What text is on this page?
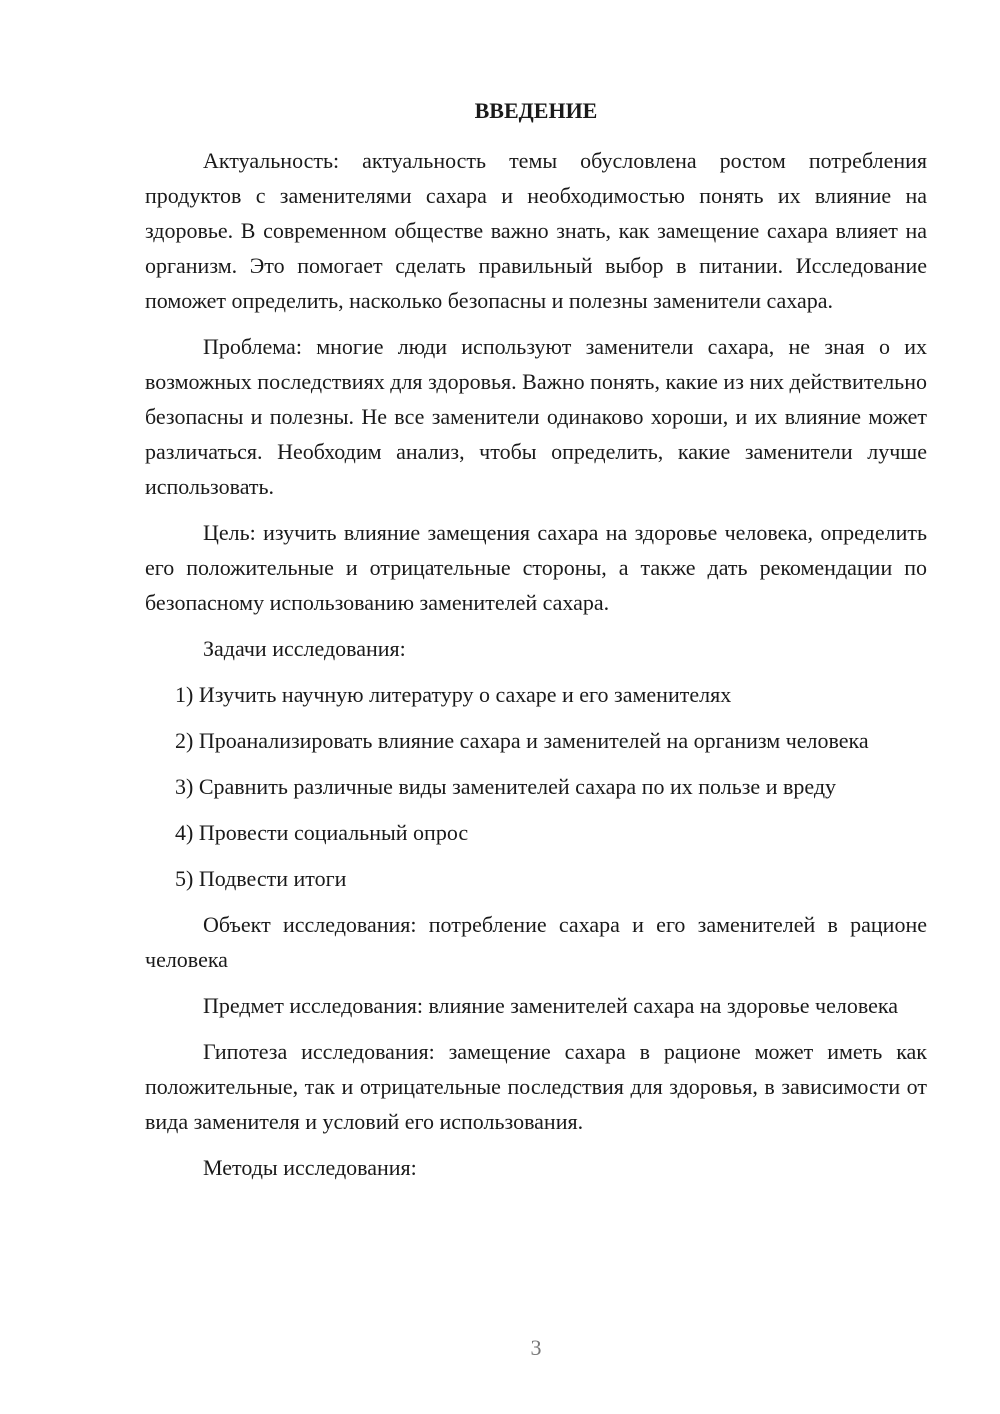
ВВЕДЕНИЕ

Актуальность: актуальность темы обусловлена ростом потребления продуктов с заменителями сахара и необходимостью понять их влияние на здоровье. В современном обществе важно знать, как замещение сахара влияет на организм. Это помогает сделать правильный выбор в питании. Исследование поможет определить, насколько безопасны и полезны заменители сахара.

Проблема: многие люди используют заменители сахара, не зная о их возможных последствиях для здоровья. Важно понять, какие из них действительно безопасны и полезны. Не все заменители одинаково хороши, и их влияние может различаться. Необходим анализ, чтобы определить, какие заменители лучше использовать.

Цель: изучить влияние замещения сахара на здоровье человека, определить его положительные и отрицательные стороны, а также дать рекомендации по безопасному использованию заменителей сахара.

Задачи исследования:

1) Изучить научную литературу о сахаре и его заменителях

2) Проанализировать влияние сахара и заменителей на организм человека

3) Сравнить различные виды заменителей сахара по их пользе и вреду

4) Провести социальный опрос

5) Подвести итоги

Объект исследования: потребление сахара и его заменителей в рационе человека

Предмет исследования: влияние заменителей сахара на здоровье человека

Гипотеза исследования: замещение сахара в рационе может иметь как положительные, так и отрицательные последствия для здоровья, в зависимости от вида заменителя и условий его использования.

Методы исследования:

3
